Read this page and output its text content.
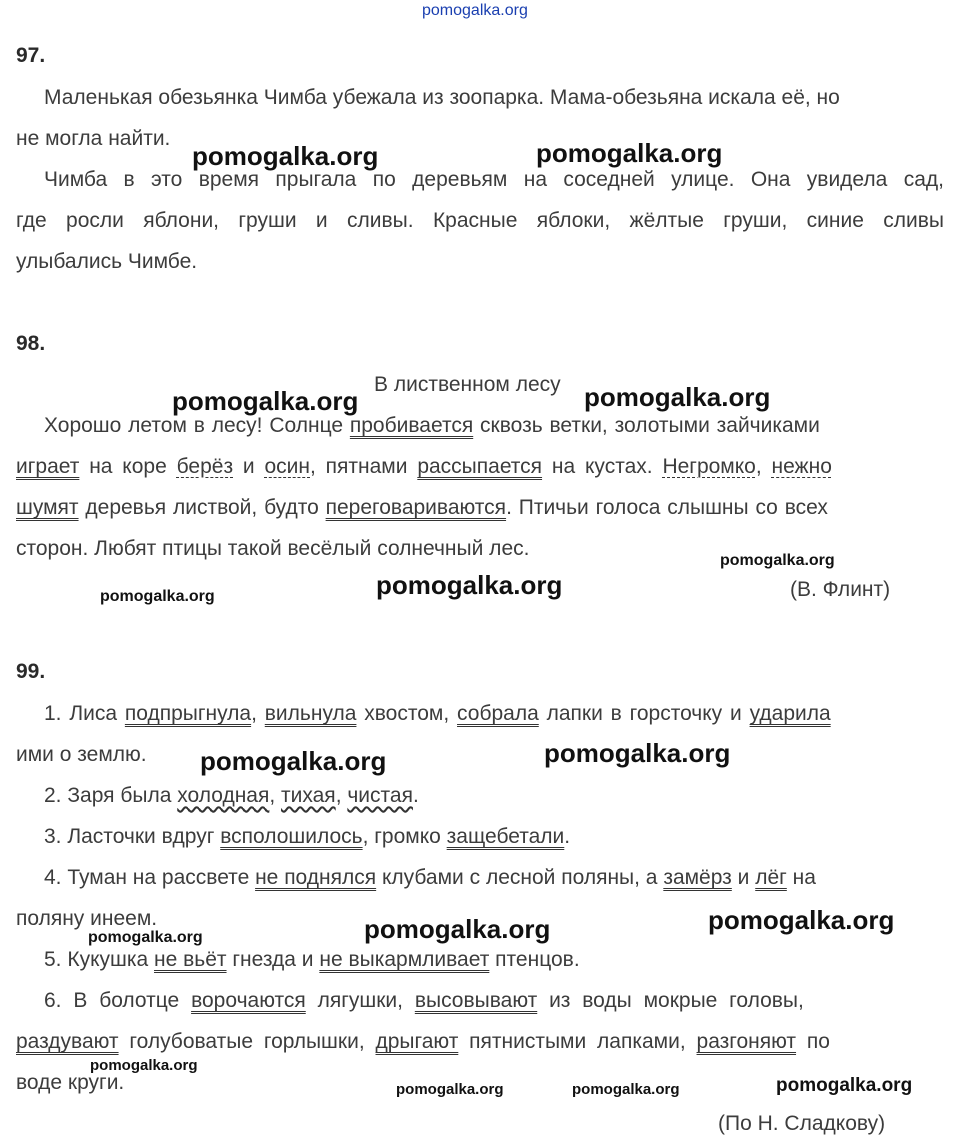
pomogalka.org
97.
Маленькая обезьянка Чимба убежала из зоопарка. Мама-обезьяна искала её, но
не могла найти.
Чимба в это время прыгала по деревьям на соседней улице. Она увидела сад,
где росли яблони, груши и сливы. Красные яблоки, жёлтые груши, синие сливы
улыбались Чимбе.
98.
В лиственном лесу
Хорошо летом в лесу! Солнце пробивается сквозь ветки, золотыми зайчиками
играет на коре берёз и осин, пятнами рассыпается на кустах. Негромко, нежно
шумят деревья листвой, будто переговариваются. Птичьи голоса слышны со всех
сторон. Любят птицы такой весёлый солнечный лес.
(В. Флинт)
99.
1. Лиса подпрыгнула, вильнула хвостом, собрала лапки в горсточку и ударила
ими о землю.
2. Заря была холодная, тихая, чистая.
3. Ласточки вдруг всполошилось, громко защебетали.
4. Туман на рассвете не поднялся клубами с лесной поляны, а замёрз и лёг на
поляну инеем.
5. Кукушка не вьёт гнезда и не выкармливает птенцов.
6. В болотце ворочаются лягушки, высовывают из воды мокрые головы,
раздувают голубоватые горлышки, дрыгают пятнистыми лапками, разгоняют по
воде круги.
(По Н. Сладкову)
pomogalka.org	pomogalka.org
pomogalka.org	pomogalka.org
pomogalka.org
pomogalka.org
pomogalka.org
pomogalka.org	pomogalka.org
pomogalka.org	pomogalka.org
pomogalka.org
pomogalka.org
pomogalka.org	pomogalka.org	pomogalka.org
